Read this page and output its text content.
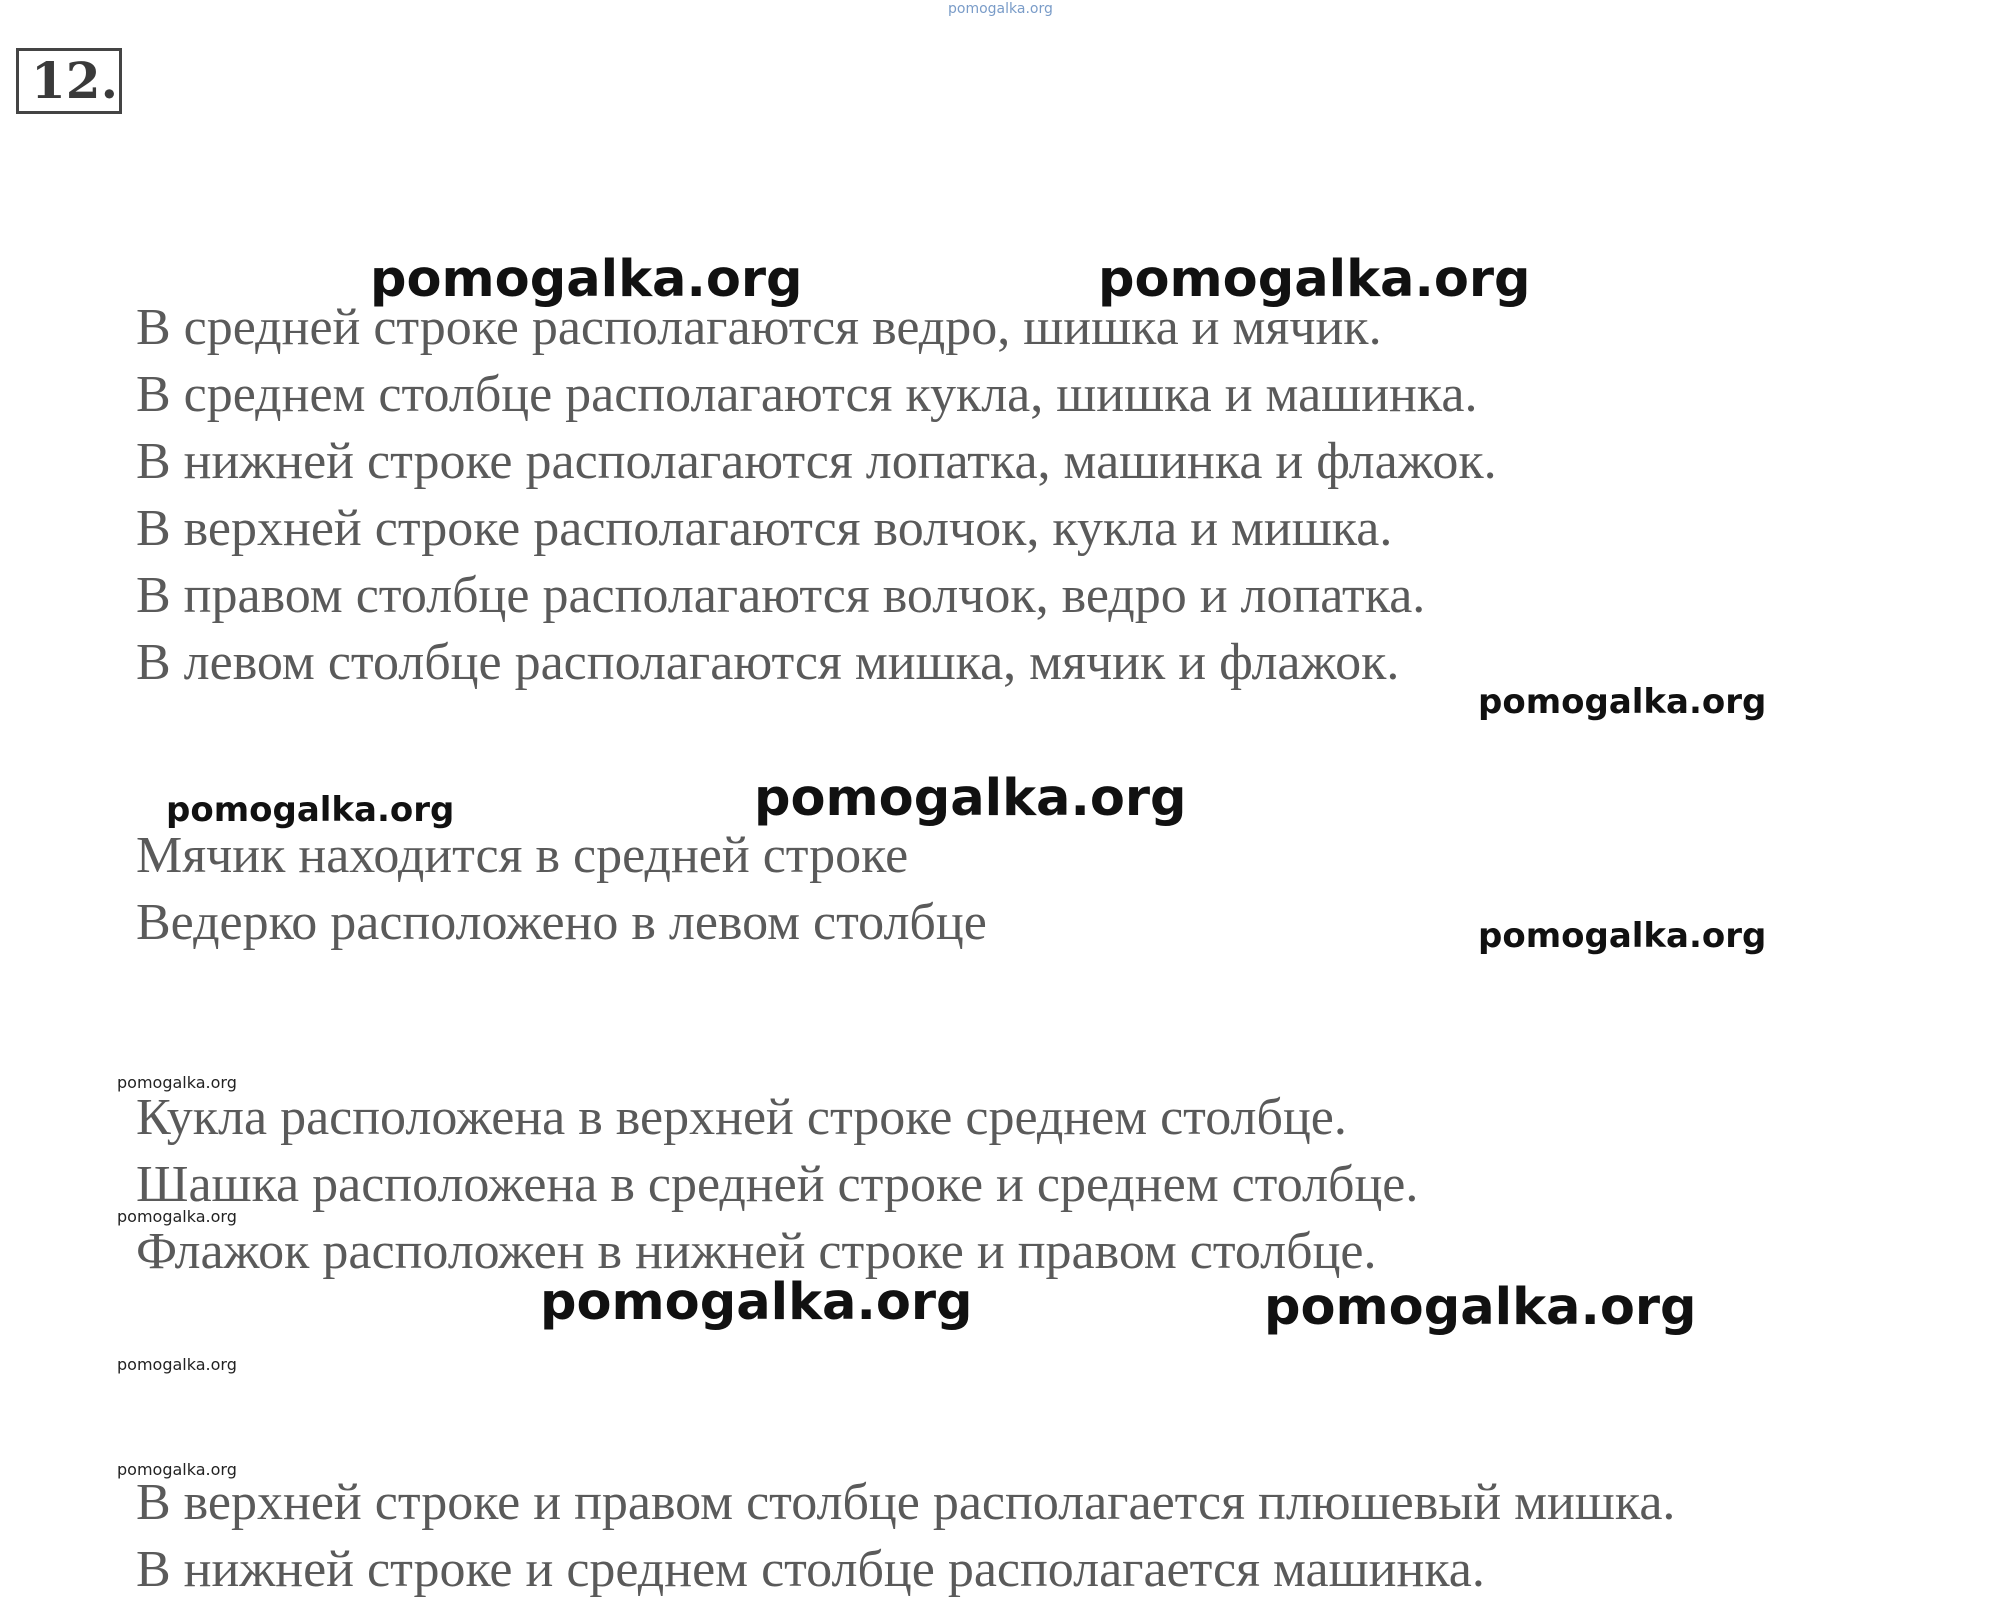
pomogalka.org
12.
В средней строке располагаются ведро, шишка и мячик.
В среднем столбце располагаются кукла, шишка и машинка.
В нижней строке располагаются лопатка, машинка и флажок.
В верхней строке располагаются волчок, кукла и мишка.
В правом столбце располагаются волчок, ведро и лопатка.
В левом столбце располагаются мишка, мячик и флажок.
Мячик находится в средней строке
Ведерко расположено в левом столбце
Кукла расположена в верхней строке среднем столбце.
Шашка расположена в средней строке и среднем столбце.
Флажок расположен в нижней строке и правом столбце.
В верхней строке и правом столбце располагается плюшевый мишка.
В нижней строке и среднем столбце располагается машинка.
pomogalka.org	pomogalka.org
pomogalka.org
pomogalka.org	pomogalka.org
pomogalka.org
pomogalka.org
pomogalka.org
pomogalka.org	pomogalka.org
pomogalka.org
pomogalka.org
